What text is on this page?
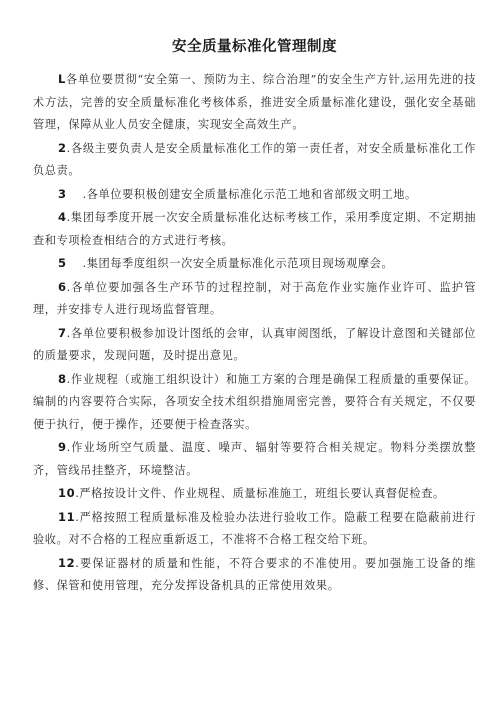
安全质量标准化管理制度

L各单位要贯彻“安全第一、预防为主、综合治理”的安全生产方针,运用先进的技术方法，完善的安全质量标准化考核体系，推进安全质量标准化建设，强化安全基础管理，保障从业人员安全健康，实现安全高效生产。

2.各级主要负责人是安全质量标准化工作的第一责任者，对安全质量标准化工作负总责。

3 .各单位要积极创建安全质量标准化示范工地和省部级文明工地。

4.集团每季度开展一次安全质量标准化达标考核工作，采用季度定期、不定期抽查和专项检查相结合的方式进行考核。

5 .集团每季度组织一次安全质量标准化示范项目现场观摩会。

6.各单位要加强各生产环节的过程控制，对于高危作业实施作业许可、监护管理，并安排专人进行现场监督管理。

7.各单位要积极参加设计图纸的会审，认真审阅图纸，了解设计意图和关键部位的质量要求，发现问题，及时提出意见。

8.作业规程（或施工组织设计）和施工方案的合理是确保工程质量的重要保证。编制的内容要符合实际，各项安全技术组织措施周密完善，要符合有关规定，不仅要便于执行，便于操作，还要便于检查落实。

9.作业场所空气质量、温度、噪声、辐射等要符合相关规定。物料分类摆放整齐，管线吊挂整齐，环境整洁。

10.严格按设计文件、作业规程、质量标准施工，班组长要认真督促检查。

11.严格按照工程质量标准及检验办法进行验收工作。隐蔽工程要在隐蔽前进行验收。对不合格的工程应重新返工，不准将不合格工程交给下班。

12.要保证器材的质量和性能，不符合要求的不准使用。要加强施工设备的维修、保管和使用管理，充分发挥设备机具的正常使用效果。
